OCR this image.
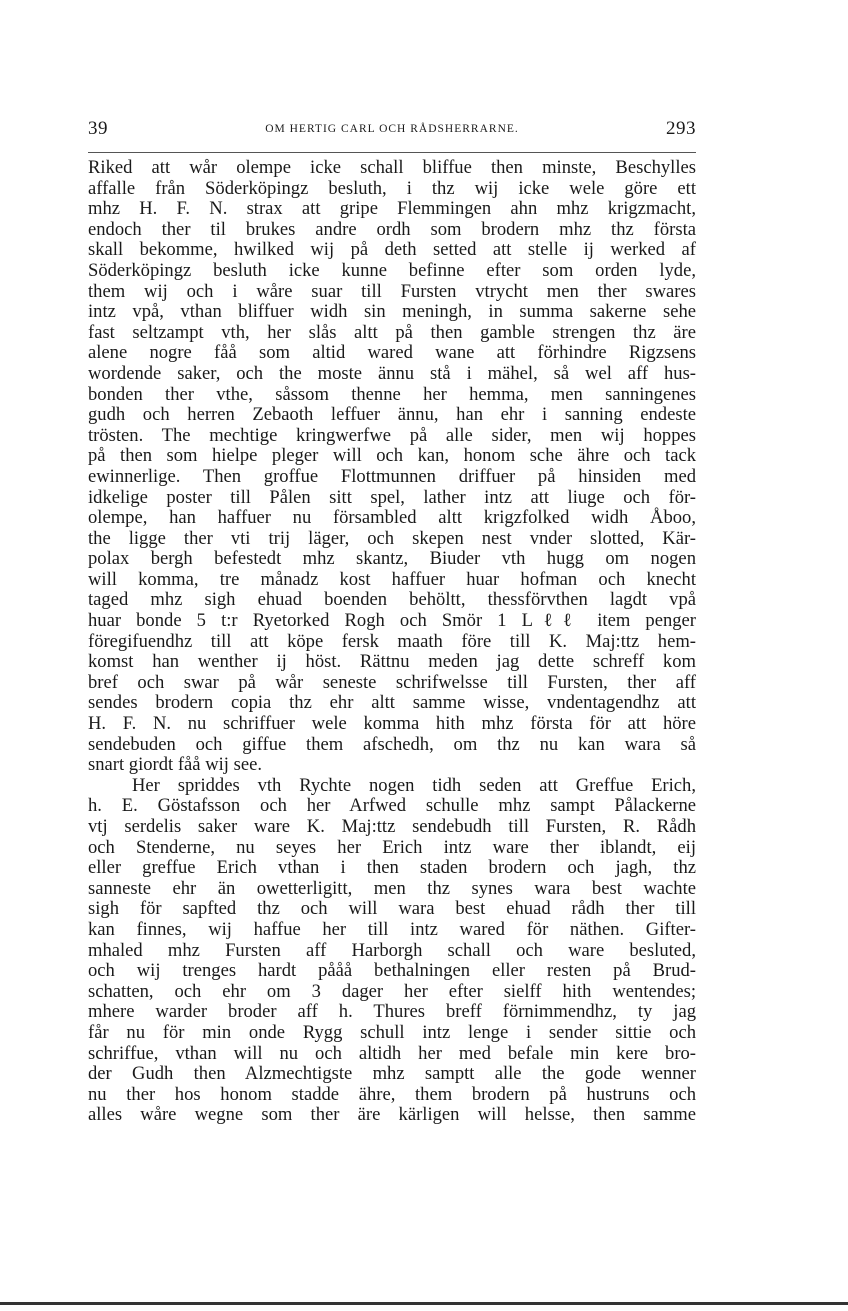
39	OM HERTIG CARL OCH RÅDSHERRARNE.	293
Riked att wår olempe icke schall bliffue then minste, Beschylles
affalle från Söderköpingz besluth, i thz wij icke wele göre ett
mhz H. F. N. strax att gripe Flemmingen ahn mhz krigzmacht,
endoch ther til brukes andre ordh som brodern mhz thz första
skall bekomme, hwilked wij på deth setted att stelle ij werked af
Söderköpingz besluth icke kunne befinne efter som orden lyde,
them wij och i wåre suar till Fursten vtrycht men ther swares
intz vpå, vthan bliffuer widh sin meningh, in summa sakerne sehe
fast seltzampt vth, her slås altt på then gamble strengen thz äre
alene nogre fåå som altid wared wane att förhindre Rigzsens
wordende saker, och the moste ännu stå i mähel, så wel aff hus-
bonden ther vthe, såssom thenne her hemma, men sanningenes
gudh och herren Zebaoth leffuer ännu, han ehr i sanning endeste
trösten. The mechtige kringwerfwe på alle sider, men wij hoppes
på then som hielpe pleger will och kan, honom sche ähre och tack
ewinnerlige. Then groffue Flottmunnen driffuer på hinsiden med
idkelige poster till Pålen sitt spel, lather intz att liuge och för-
olempe, han haffuer nu försambled altt krigzfolked widh Åboo,
the ligge ther vti trij läger, och skepen nest vnder slotted, Kär-
polax bergh befestedt mhz skantz, Biuder vth hugg om nogen
will komma, tre månadz kost haffuer huar hofman och knecht
taged mhz sigh ehuad boenden behöltt, thessförvthen lagdt vpå
huar bonde 5 t:r Ryetorked Rogh och Smör 1 Lℓℓ item penger
föregifuendhz till att köpe fersk maath före till K. Maj:ttz hem-
komst han wenther ij höst. Rättnu meden jag dette schreff kom
bref och swar på wår seneste schrifwelsse till Fursten, ther aff
sendes brodern copia thz ehr altt samme wisse, vndentagendhz att
H. F. N. nu schriffuer wele komma hith mhz första för att höre
sendebuden och giffue them afschedh, om thz nu kan wara så
snart giordt fåå wij see.
Her spriddes vth Rychte nogen tidh seden att Greffue Erich,
h. E. Göstafsson och her Arfwed schulle mhz sampt Pålackerne
vtj serdelis saker ware K. Maj:ttz sendebudh till Fursten, R. Rådh
och Stenderne, nu seyes her Erich intz ware ther iblandt, eij
eller greffue Erich vthan i then staden brodern och jagh, thz
sanneste ehr än owetterligitt, men thz synes wara best wachte
sigh för sapfted thz och will wara best ehuad rådh ther till
kan finnes, wij haffue her till intz wared för näthen. Gifter-
mhaled mhz Fursten aff Harborgh schall och ware besluted,
och wij trenges hardt pååå bethalningen eller resten på Brud-
schatten, och ehr om 3 dager her efter sielff hith wentendes;
mhere warder broder aff h. Thures breff förnimmendhz, ty jag
får nu för min onde Rygg schull intz lenge i sender sittie och
schriffue, vthan will nu och altidh her med befale min kere bro-
der Gudh then Alzmechtigste mhz samptt alle the gode wenner
nu ther hos honom stadde ähre, them brodern på hustruns och
alles wåre wegne som ther äre kärligen will helsse, then samme
